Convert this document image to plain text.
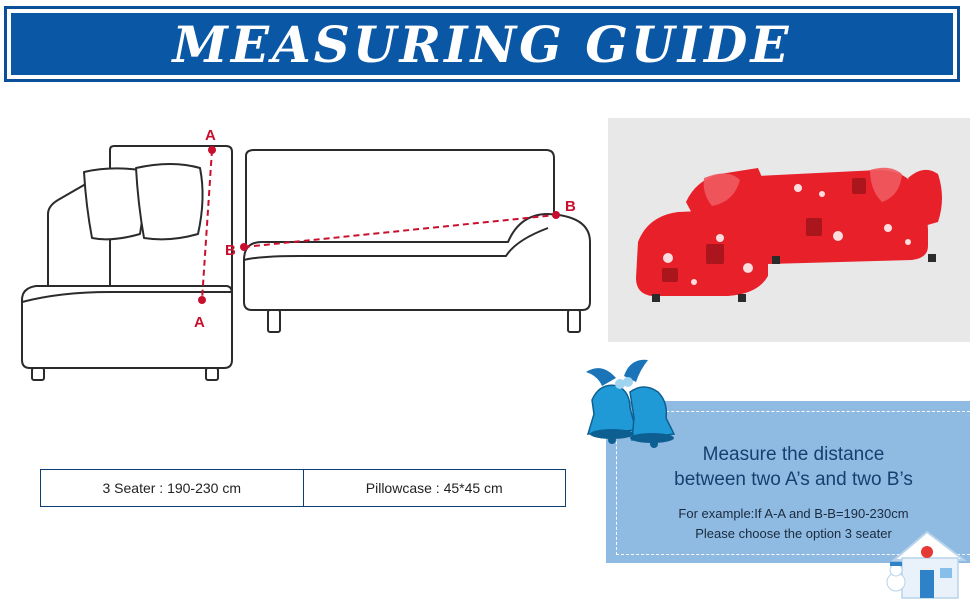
MEASURING GUIDE
A
A
B
B
3 Seater : 190-230 cm	Pillowcase : 45*45 cm
Measure the distance
between two A’s and two B’s
For example:If A-A and B-B=190-230cm
Please choose the option 3 seater
